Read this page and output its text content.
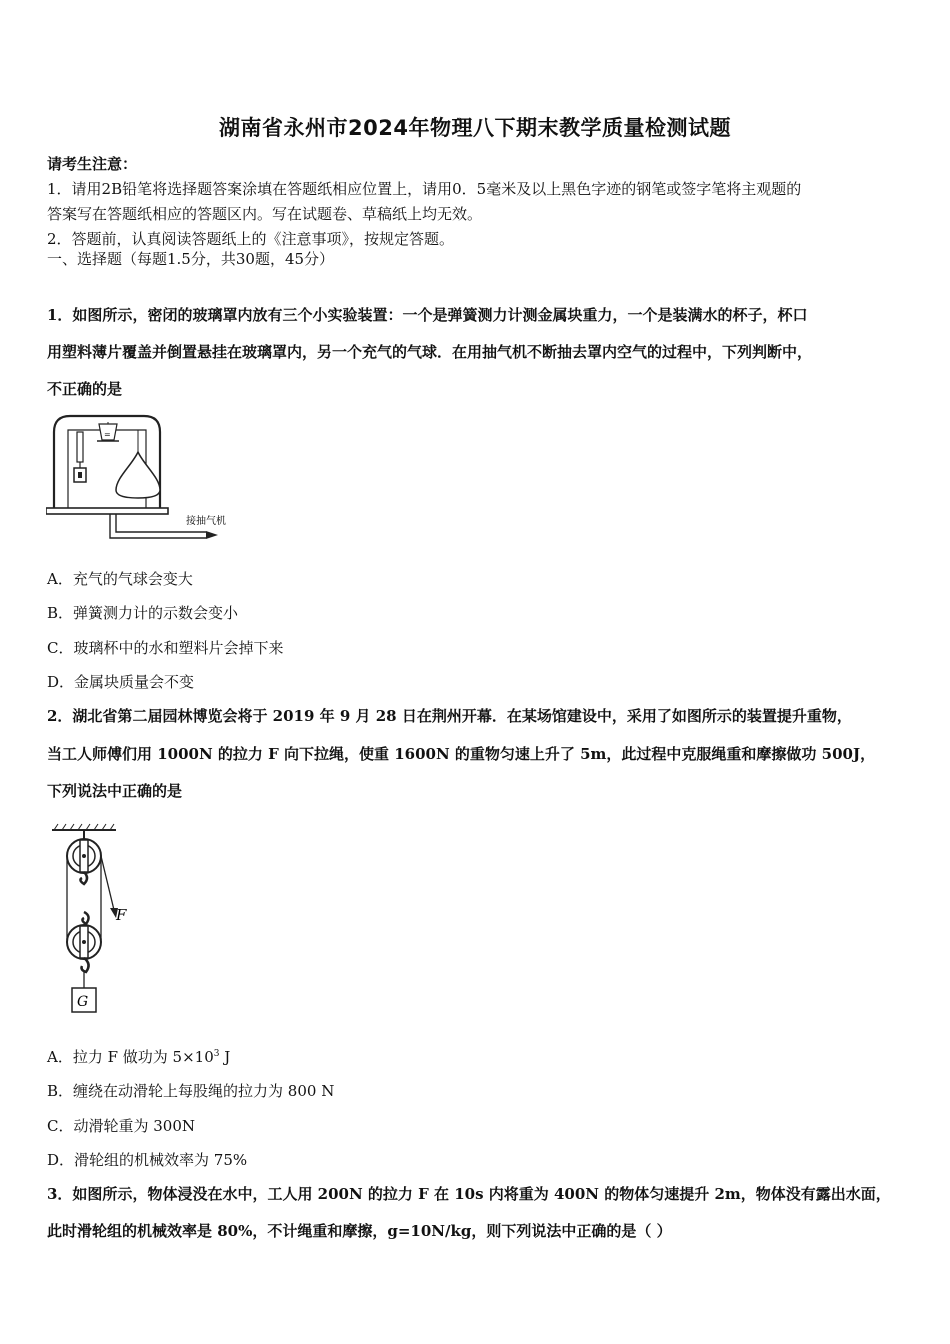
湖南省永州市2024年物理八下期末教学质量检测试题
请考生注意：
1．请用2B铅笔将选择题答案涂填在答题纸相应位置上，请用0．5毫米及以上黑色字迹的钢笔或签字笔将主观题的
答案写在答题纸相应的答题区内。写在试题卷、草稿纸上均无效。
2．答题前，认真阅读答题纸上的《注意事项》，按规定答题。
一、选择题（每题1.5分，共30题，45分）
1．如图所示，密闭的玻璃罩内放有三个小实验装置：一个是弹簧测力计测金属块重力，一个是装满水的杯子，杯口
用塑料薄片覆盖并倒置悬挂在玻璃罩内，另一个充气的气球．在用抽气机不断抽去罩内空气的过程中，下列判断中，
不正确的是
=
接抽气机
A．充气的气球会变大
B．弹簧测力计的示数会变小
C．玻璃杯中的水和塑料片会掉下来
D．金属块质量会不变
2．湖北省第二届园林博览会将于 2019 年 9 月 28 日在荆州开幕．在某场馆建设中，采用了如图所示的装置提升重物，
当工人师傅们用 1000N 的拉力 F 向下拉绳，使重 1600N 的重物匀速上升了 5m，此过程中克服绳重和摩擦做功 500J，
下列说法中正确的是
F
G
A．拉力 F 做功为 $5\times 10^3$ J
B．缠绕在动滑轮上每股绳的拉力为 800 N
C．动滑轮重为 300N
D．滑轮组的机械效率为 75%
3．如图所示，物体浸没在水中，工人用 200N 的拉力 F 在 10s 内将重为 400N 的物体匀速提升 2m，物体没有露出水面，
此时滑轮组的机械效率是 80%，不计绳重和摩擦，g=10N/kg，则下列说法中正确的是（ ）
